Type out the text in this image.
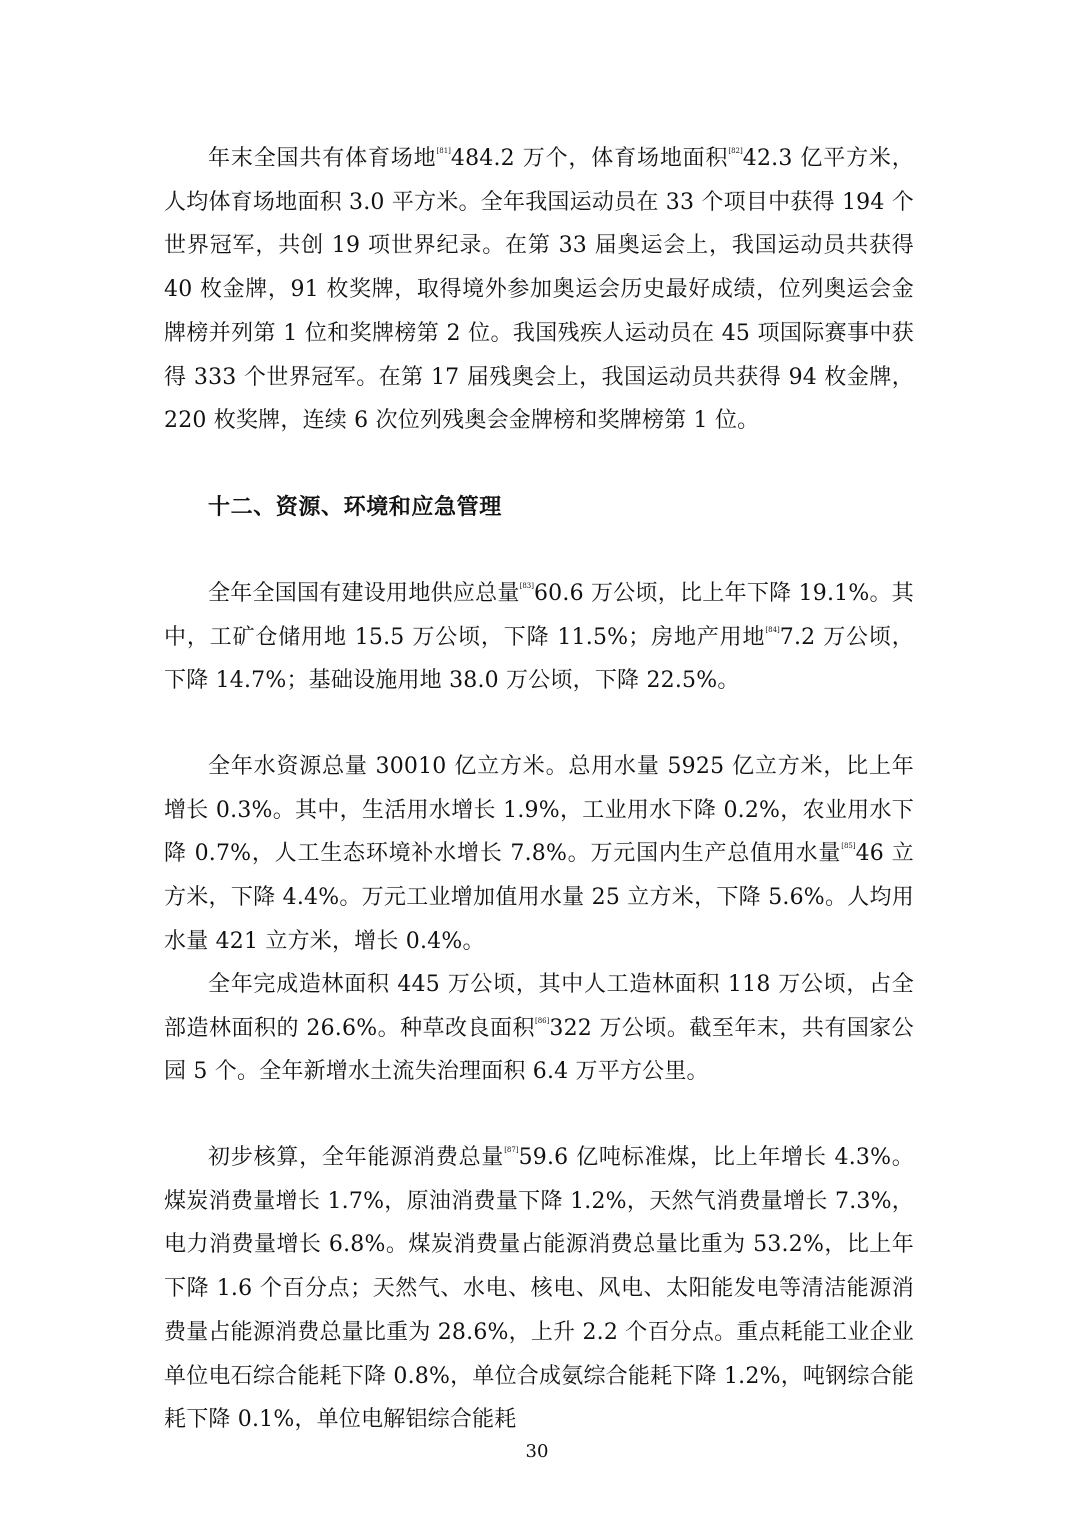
年末全国共有体育场地[81]484.2 万个，体育场地面积[82]42.3 亿平方米，人均体育场地面积 3.0 平方米。全年我国运动员在 33 个项目中获得 194 个世界冠军，共创 19 项世界纪录。在第 33 届奥运会上，我国运动员共获得 40 枚金牌，91 枚奖牌，取得境外参加奥运会历史最好成绩，位列奥运会金牌榜并列第 1 位和奖牌榜第 2 位。我国残疾人运动员在 45 项国际赛事中获得 333 个世界冠军。在第 17 届残奥会上，我国运动员共获得 94 枚金牌，220 枚奖牌，连续 6 次位列残奥会金牌榜和奖牌榜第 1 位。

十二、资源、环境和应急管理

全年全国国有建设用地供应总量[83]60.6 万公顷，比上年下降 19.1%。其中，工矿仓储用地 15.5 万公顷，下降 11.5%；房地产用地[84]7.2 万公顷，下降 14.7%；基础设施用地 38.0 万公顷，下降 22.5%。

全年水资源总量 30010 亿立方米。总用水量 5925 亿立方米，比上年增长 0.3%。其中，生活用水增长 1.9%，工业用水下降 0.2%，农业用水下降 0.7%，人工生态环境补水增长 7.8%。万元国内生产总值用水量[85]46 立方米，下降 4.4%。万元工业增加值用水量 25 立方米，下降 5.6%。人均用水量 421 立方米，增长 0.4%。

全年完成造林面积 445 万公顷，其中人工造林面积 118 万公顷，占全部造林面积的 26.6%。种草改良面积[86]322 万公顷。截至年末，共有国家公园 5 个。全年新增水土流失治理面积 6.4 万平方公里。

初步核算，全年能源消费总量[87]59.6 亿吨标准煤，比上年增长 4.3%。煤炭消费量增长 1.7%，原油消费量下降 1.2%，天然气消费量增长 7.3%，电力消费量增长 6.8%。煤炭消费量占能源消费总量比重为 53.2%，比上年下降 1.6 个百分点；天然气、水电、核电、风电、太阳能发电等清洁能源消费量占能源消费总量比重为 28.6%，上升 2.2 个百分点。重点耗能工业企业单位电石综合能耗下降 0.8%，单位合成氨综合能耗下降 1.2%，吨钢综合能耗下降 0.1%，单位电解铝综合能耗

30
